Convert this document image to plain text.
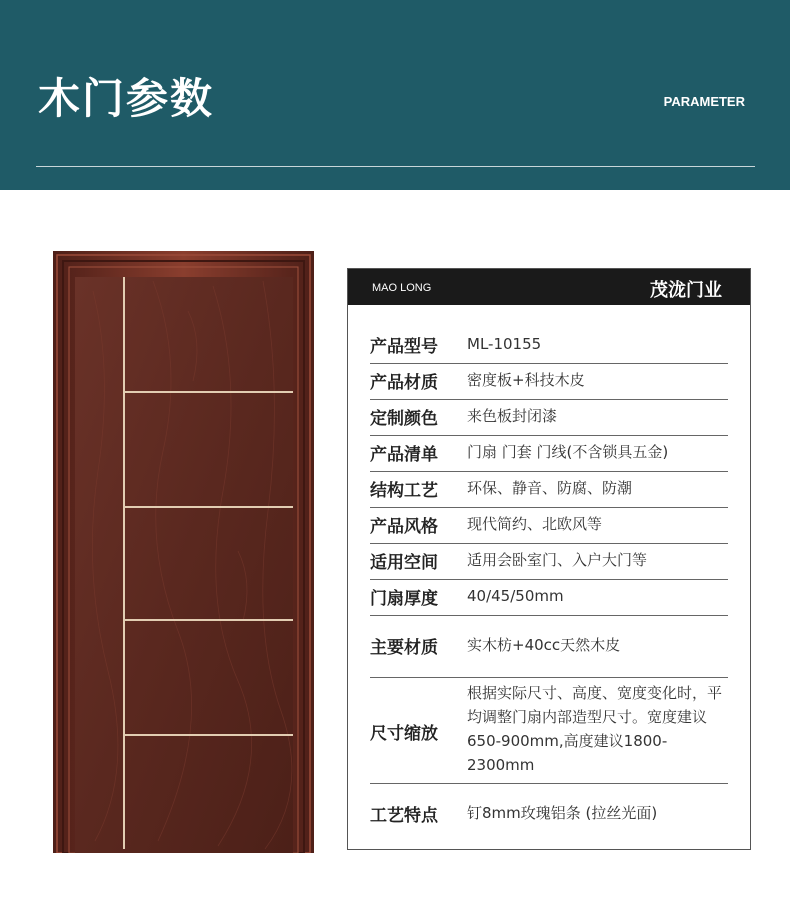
木门参数	PARAMETER
MAO LONG	茂泷门业
产品型号 ML-10155
产品材质 密度板+科技木皮
定制颜色 来色板封闭漆
产品清单 门扇 门套 门线(不含锁具五金)
结构工艺 环保、静音、防腐、防潮
产品风格 现代简约、北欧风等
适用空间 适用会卧室门、入户大门等
门扇厚度 40/45/50mm
主要材质 实木枋+40cc天然木皮
尺寸缩放
根据实际尺寸、高度、宽度变化时，平均调整门扇内部造型尺寸。宽度建议650-900mm,高度建议1800-2300mm
工艺特点 钉8mm玫瑰铝条 (拉丝光面)
